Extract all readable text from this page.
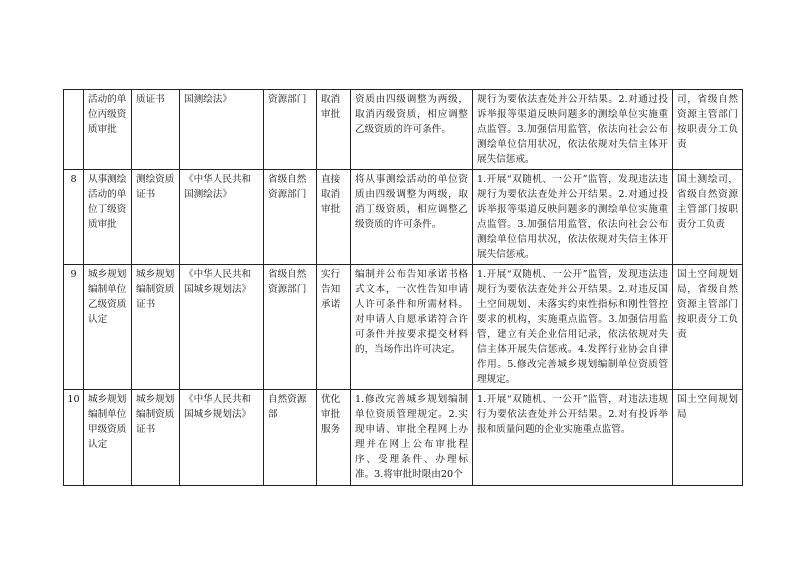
	活动的单位丙级资质审批	质证书	国测绘法》	资源部门	取消审批	资质由四级调整为两级，取消丙级资质，相应调整乙级资质的许可条件。	规行为要依法查处并公开结果。2.对通过投诉举报等渠道反映问题多的测绘单位实施重点监管。3.加强信用监管，依法向社会公布测绘单位信用状况，依法依规对失信主体开展失信惩戒。	司，省级自然资源主管部门按职责分工负责
8	从事测绘活动的单位丁级资质审批	测绘资质证书	《中华人民共和国测绘法》	省级自然资源部门	直接取消审批	将从事测绘活动的单位资质由四级调整为两级，取消丁级资质，相应调整乙级资质的许可条件。	1.开展“双随机、一公开”监管，发现违法违规行为要依法查处并公开结果。2.对通过投诉举报等渠道反映问题多的测绘单位实施重点监管。3.加强信用监管，依法向社会公布测绘单位信用状况，依法依规对失信主体开展失信惩戒。	国土测绘司，省级自然资源主管部门按职责分工负责
9	城乡规划编制单位乙级资质认定	城乡规划编制资质证书	《中华人民共和国城乡规划法》	省级自然资源部门	实行告知承诺	编制并公布告知承诺书格式文本，一次性告知申请人许可条件和所需材料。对申请人自愿承诺符合许可条件并按要求提交材料的，当场作出许可决定。	1.开展“双随机、一公开”监管，发现违法违规行为要依法查处并公开结果。2.对违反国土空间规划、未落实约束性指标和刚性管控要求的机构，实施重点监管。3.加强信用监管，建立有关企业信用记录，依法依规对失信主体开展失信惩戒。4.发挥行业协会自律作用。5.修改完善城乡规划编制单位资质管理规定。	国土空间规划局，省级自然资源主管部门按职责分工负责
10	城乡规划编制单位甲级资质认定	城乡规划编制资质证书	《中华人民共和国城乡规划法》	自然资源部	优化审批服务	1.修改完善城乡规划编制单位资质管理规定。2.实现申请、审批全程网上办理并在网上公布审批程序、受理条件、办理标准。3.将审批时限由20个	1.开展“双随机、一公开”监管，对违法违规行为要依法查处并公开结果。2.对有投诉举报和质量问题的企业实施重点监管。	国土空间规划局
